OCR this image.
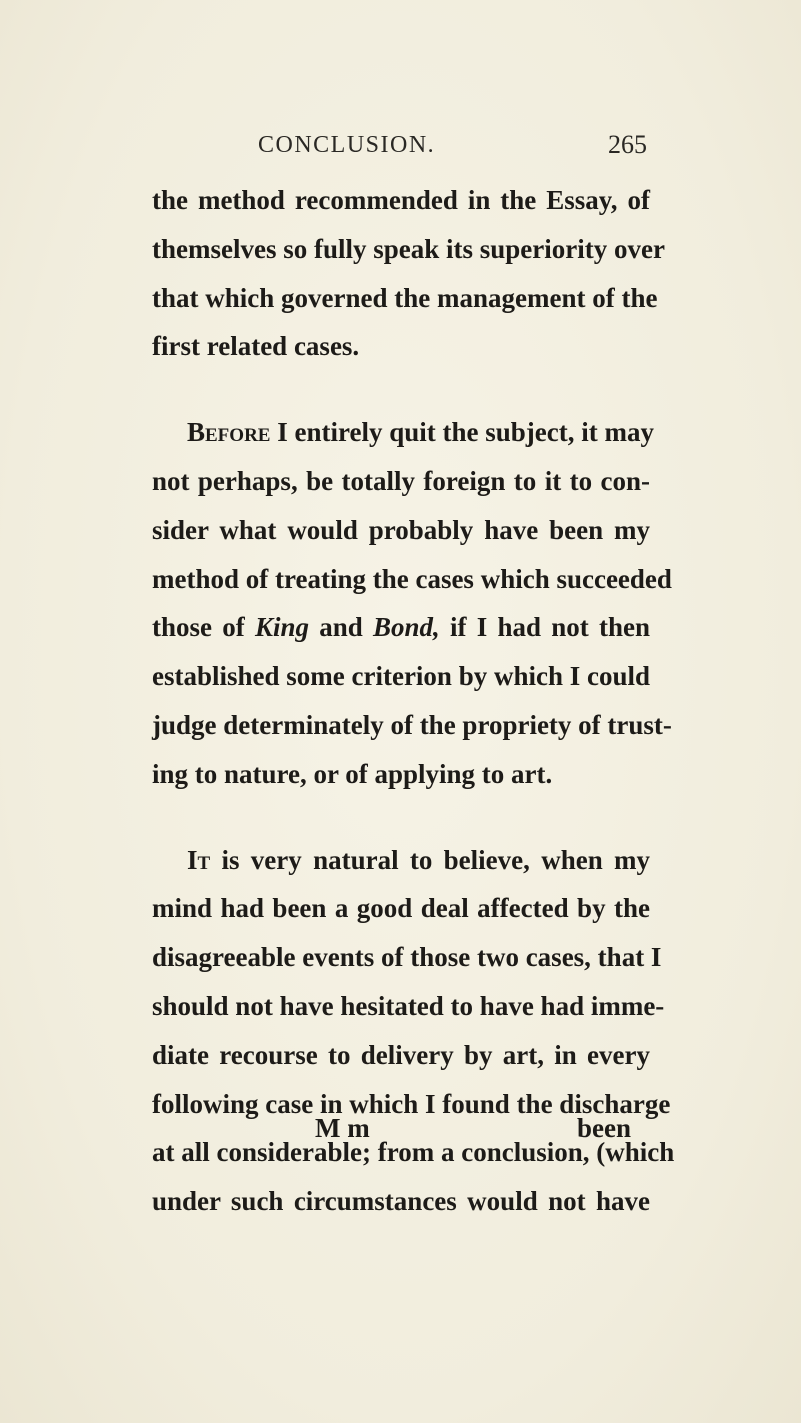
CONCLUSION.	265
the method recommended in the Essay, of
themselves so fully speak its superiority over
that which governed the management of the
first related cases.
Before I entirely quit the subject, it may
not perhaps, be totally foreign to it to con-
sider what would probably have been my
method of treating the cases which succeeded
those of King and Bond, if I had not then
established some criterion by which I could
judge determinately of the propriety of trust-
ing to nature, or of applying to art.
It is very natural to believe, when my
mind had been a good deal affected by the
disagreeable events of those two cases, that I
should not have hesitated to have had imme-
diate recourse to delivery by art, in every
following case in which I found the discharge
at all considerable; from a conclusion, (which
under such circumstances would not have
M m	been
